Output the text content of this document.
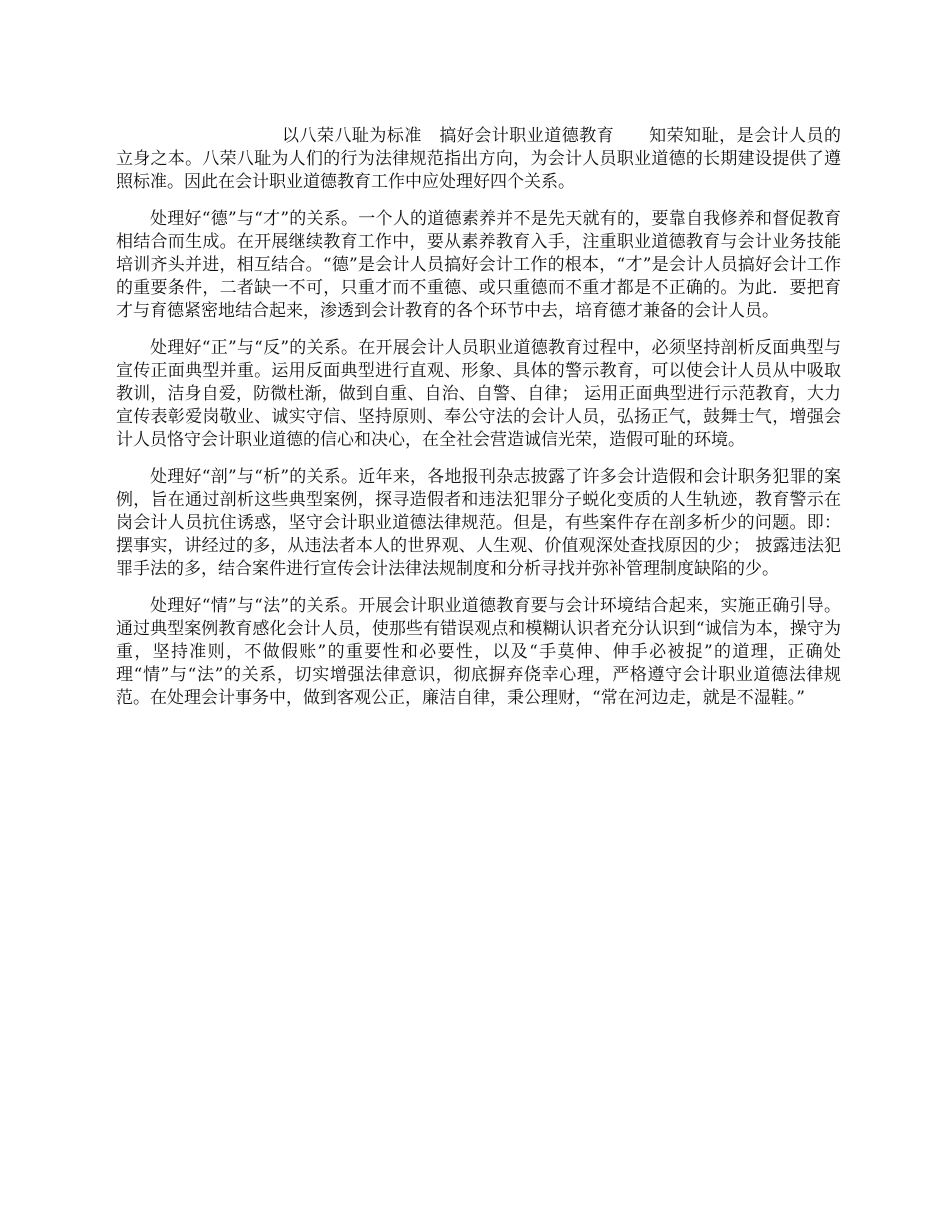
以八荣八耻为标准　搞好会计职业道德教育　　知荣知耻，是会计人员的立身之本。八荣八耻为人们的行为法律规范指出方向，为会计人员职业道德的长期建设提供了遵照标准。因此在会计职业道德教育工作中应处理好四个关系。

处理好“德”与“才”的关系。一个人的道德素养并不是先天就有的，要靠自我修养和督促教育相结合而生成。在开展继续教育工作中，要从素养教育入手，注重职业道德教育与会计业务技能培训齐头并进，相互结合。“德”是会计人员搞好会计工作的根本，“才”是会计人员搞好会计工作的重要条件，二者缺一不可，只重才而不重德、或只重德而不重才都是不正确的。为此．要把育才与育德紧密地结合起来，渗透到会计教育的各个环节中去，培育德才兼备的会计人员。

处理好“正”与“反”的关系。在开展会计人员职业道德教育过程中，必须坚持剖析反面典型与宣传正面典型并重。运用反面典型进行直观、形象、具体的警示教育，可以使会计人员从中吸取教训，洁身自爱，防微杜渐，做到自重、自治、自警、自律； 运用正面典型进行示范教育，大力宣传表彰爱岗敬业、诚实守信、坚持原则、奉公守法的会计人员，弘扬正气，鼓舞士气，增强会计人员恪守会计职业道德的信心和决心，在全社会营造诚信光荣，造假可耻的环境。

处理好“剖”与“析”的关系。近年来，各地报刊杂志披露了许多会计造假和会计职务犯罪的案例，旨在通过剖析这些典型案例，探寻造假者和违法犯罪分子蜕化变质的人生轨迹，教育警示在岗会计人员抗住诱惑，坚守会计职业道德法律规范。但是，有些案件存在剖多析少的问题。即：摆事实，讲经过的多，从违法者本人的世界观、人生观、价值观深处查找原因的少； 披露违法犯罪手法的多，结合案件进行宣传会计法律法规制度和分析寻找并弥补管理制度缺陷的少。

处理好“情”与“法”的关系。开展会计职业道德教育要与会计环境结合起来，实施正确引导。通过典型案例教育感化会计人员，使那些有错误观点和模糊认识者充分认识到“诚信为本，操守为重，坚持准则，不做假账”的重要性和必要性，以及“手莫伸、伸手必被捉”的道理，正确处理“情”与“法”的关系，切实增强法律意识，彻底摒弃侥幸心理，严格遵守会计职业道德法律规范。在处理会计事务中，做到客观公正，廉洁自律，秉公理财，“常在河边走，就是不湿鞋。”
